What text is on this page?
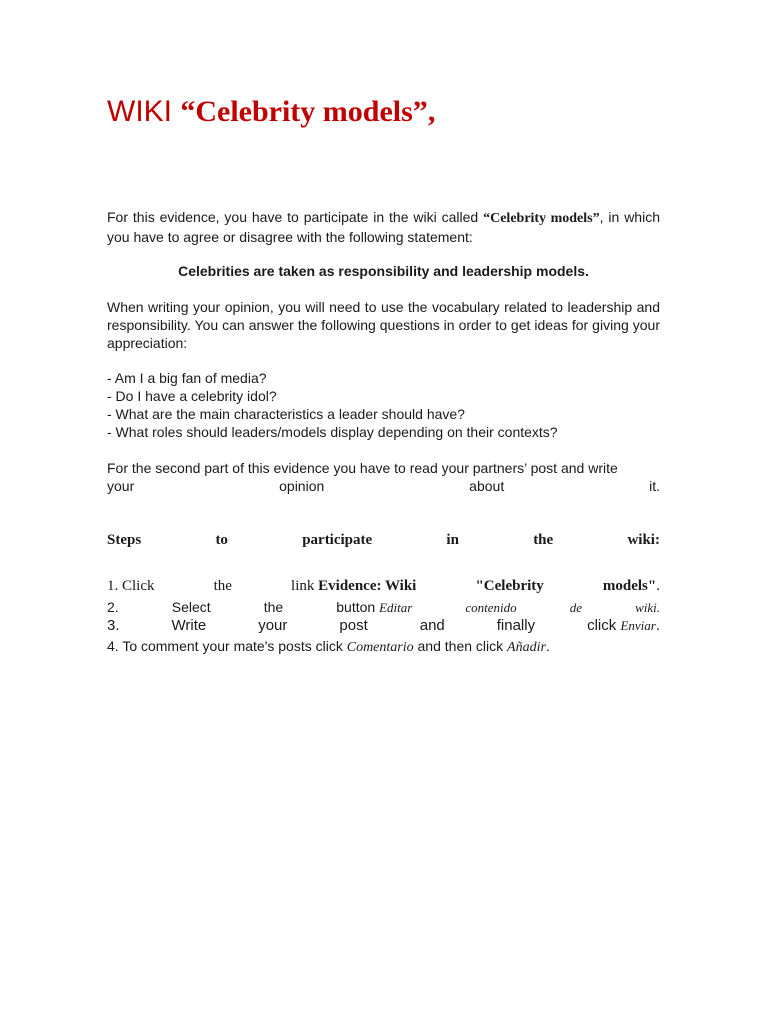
WIKI “Celebrity models”,
For this evidence, you have to participate in the wiki called “Celebrity models”, in which you have to agree or disagree with the following statement:
Celebrities are taken as responsibility and leadership models.
When writing your opinion, you will need to use the vocabulary related to leadership and responsibility. You can answer the following questions in order to get ideas for giving your appreciation:
- Am I a big fan of media?
- Do I have a celebrity idol?
- What are the main characteristics a leader should have?
- What roles should leaders/models display depending on their contexts?
For the second part of this evidence you have to read your partners’ post and write
your	opinion	about	it.
Steps	to	participate	in	the	wiki:
1. Click	the	link Evidence: Wiki	"Celebrity	models".
2.	Select	the	button Editar	contenido	de	wiki.
3.	Write	your	post	and	finally	click Enviar.
4. To comment your mate's posts click Comentario and then click Añadir.
